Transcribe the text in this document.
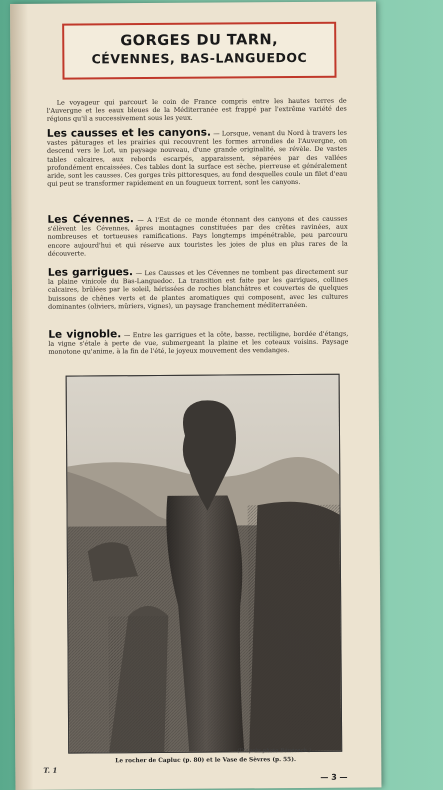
GORGES DU TARN,
CÉVENNES, BAS-LANGUEDOC
Le voyageur qui parcourt le coin de France compris entre les hautes terres de l'Auvergne et les eaux bleues de la Méditerranée est frappé par l'extrême variété des régions qu'il a successivement sous les yeux.
Les causses et les canyons. — Lorsque, venant du Nord à travers les vastes pâturages et les prairies qui recouvrent les formes arrondies de l'Auvergne, on descend vers le Lot, un paysage nouveau, d'une grande originalité, se révèle. De vastes tables calcaires, aux rebords escarpés, apparaissent, séparées par des vallées profondément encaissées. Ces tables dont la surface est sèche, pierreuse et généralement aride, sont les causses. Ces gorges très pittoresques, au fond desquelles coule un filet d'eau qui peut se transformer rapidement en un fougueux torrent, sont les canyons.
Les Cévennes. — A l'Est de ce monde étonnant des canyons et des causses s'élèvent les Cévennes, âpres montagnes constituées par des crêtes ravinées, aux nombreuses et tortueuses ramifications. Pays longtemps impénétrable, peu parcouru encore aujourd'hui et qui réserve aux touristes les joies de plus en plus rares de la découverte.
Les garrigues. — Les Causses et les Cévennes ne tombent pas directement sur la plaine vinicole du Bas-Languedoc. La transition est faite par les garrigues, collines calcaires, brûlées par le soleil, hérissées de roches blanchâtres et couvertes de quelques buissons de chênes verts et de plantes aromatiques qui composent, avec les cultures dominantes (oliviers, mûriers, vignes), un paysage franchement méditerranéen.
Le vignoble. — Entre les garrigues et la côte, basse, rectiligne, bordée d'étangs, la vigne s'étale à perte de vue, submergeant la plaine et les coteaux voisins. Paysage monotone qu'anime, à la fin de l'été, le joyeux mouvement des vendanges.
(D'après photo Bénézech.)
Le rocher de Capluc (p. 80) et le Vase de Sèvres (p. 55).
T. 1
— 3 —
